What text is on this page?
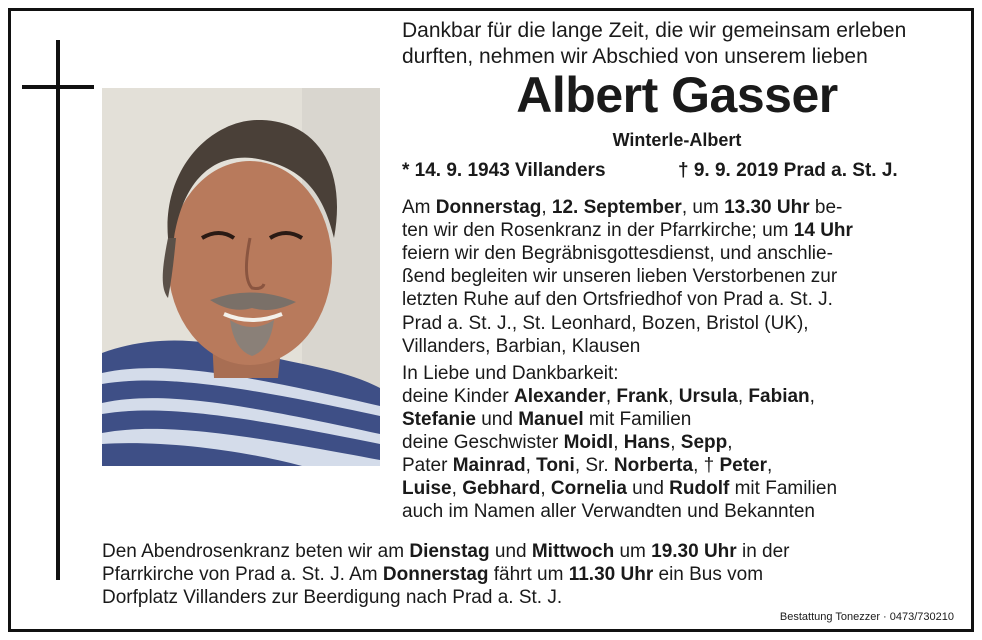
Dankbar für die lange Zeit, die wir gemeinsam erleben
durften, nehmen wir Abschied von unserem lieben
Albert Gasser
Winterle-Albert
* 14. 9. 1943 Villanders	† 9. 9. 2019 Prad a. St. J.
Am Donnerstag, 12. September, um 13.30 Uhr be-
ten wir den Rosenkranz in der Pfarrkirche; um 14 Uhr
feiern wir den Begräbnisgottesdienst, und anschlie-
ßend begleiten wir unseren lieben Verstorbenen zur
letzten Ruhe auf den Ortsfriedhof von Prad a. St. J.
Prad a. St. J., St. Leonhard, Bozen, Bristol (UK),
Villanders, Barbian, Klausen
In Liebe und Dankbarkeit:
deine Kinder Alexander, Frank, Ursula, Fabian,
Stefanie und Manuel mit Familien
deine Geschwister Moidl, Hans, Sepp,
Pater Mainrad, Toni, Sr. Norberta, † Peter,
Luise, Gebhard, Cornelia und Rudolf mit Familien
auch im Namen aller Verwandten und Bekannten
Den Abendrosenkranz beten wir am Dienstag und Mittwoch um 19.30 Uhr in der
Pfarrkirche von Prad a. St. J. Am Donnerstag fährt um 11.30 Uhr ein Bus vom
Dorfplatz Villanders zur Beerdigung nach Prad a. St. J.
Bestattung Tonezzer · 0473/730210
